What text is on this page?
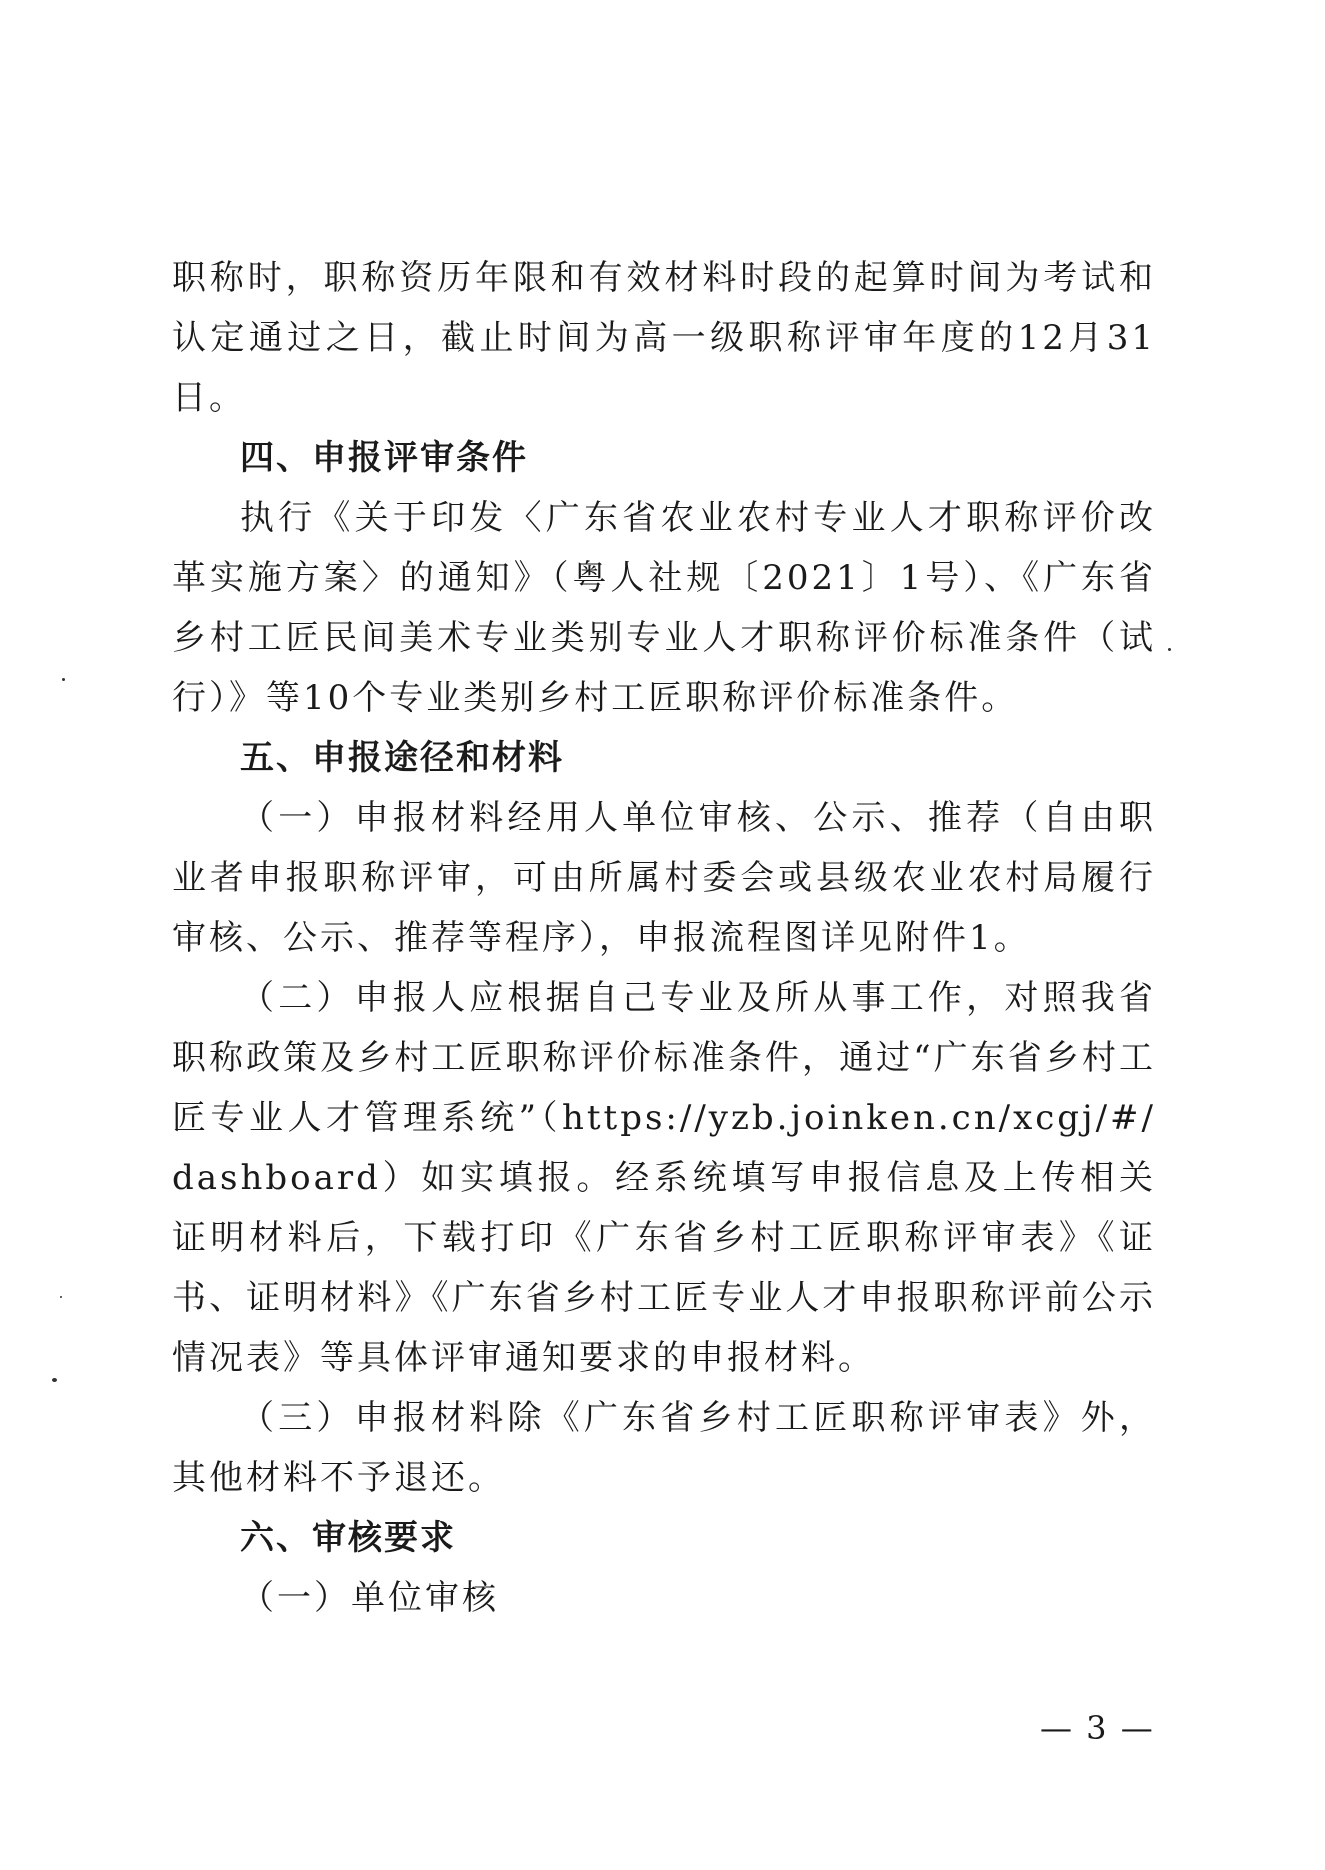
职称时，职称资历年限和有效材料时段的起算时间为考试和认定通过之日，截止时间为高一级职称评审年度的12月31日。

四、申报评审条件

执行《关于印发〈广东省农业农村专业人才职称评价改革实施方案〉的通知》（粤人社规〔2021〕1号）、《广东省乡村工匠民间美术专业类别专业人才职称评价标准条件（试行）》等10个专业类别乡村工匠职称评价标准条件。

五、申报途径和材料

（一）申报材料经用人单位审核、公示、推荐（自由职业者申报职称评审，可由所属村委会或县级农业农村局履行审核、公示、推荐等程序），申报流程图详见附件1。

（二）申报人应根据自己专业及所从事工作，对照我省职称政策及乡村工匠职称评价标准条件，通过“广东省乡村工匠专业人才管理系统”（https://yzb.joinken.cn/xcgj/#/dashboard）如实填报。经系统填写申报信息及上传相关证明材料后，下载打印《广东省乡村工匠职称评审表》《证书、证明材料》《广东省乡村工匠专业人才申报职称评前公示情况表》等具体评审通知要求的申报材料。

（三）申报材料除《广东省乡村工匠职称评审表》外，其他材料不予退还。

六、审核要求

（一）单位审核

— 3 —
